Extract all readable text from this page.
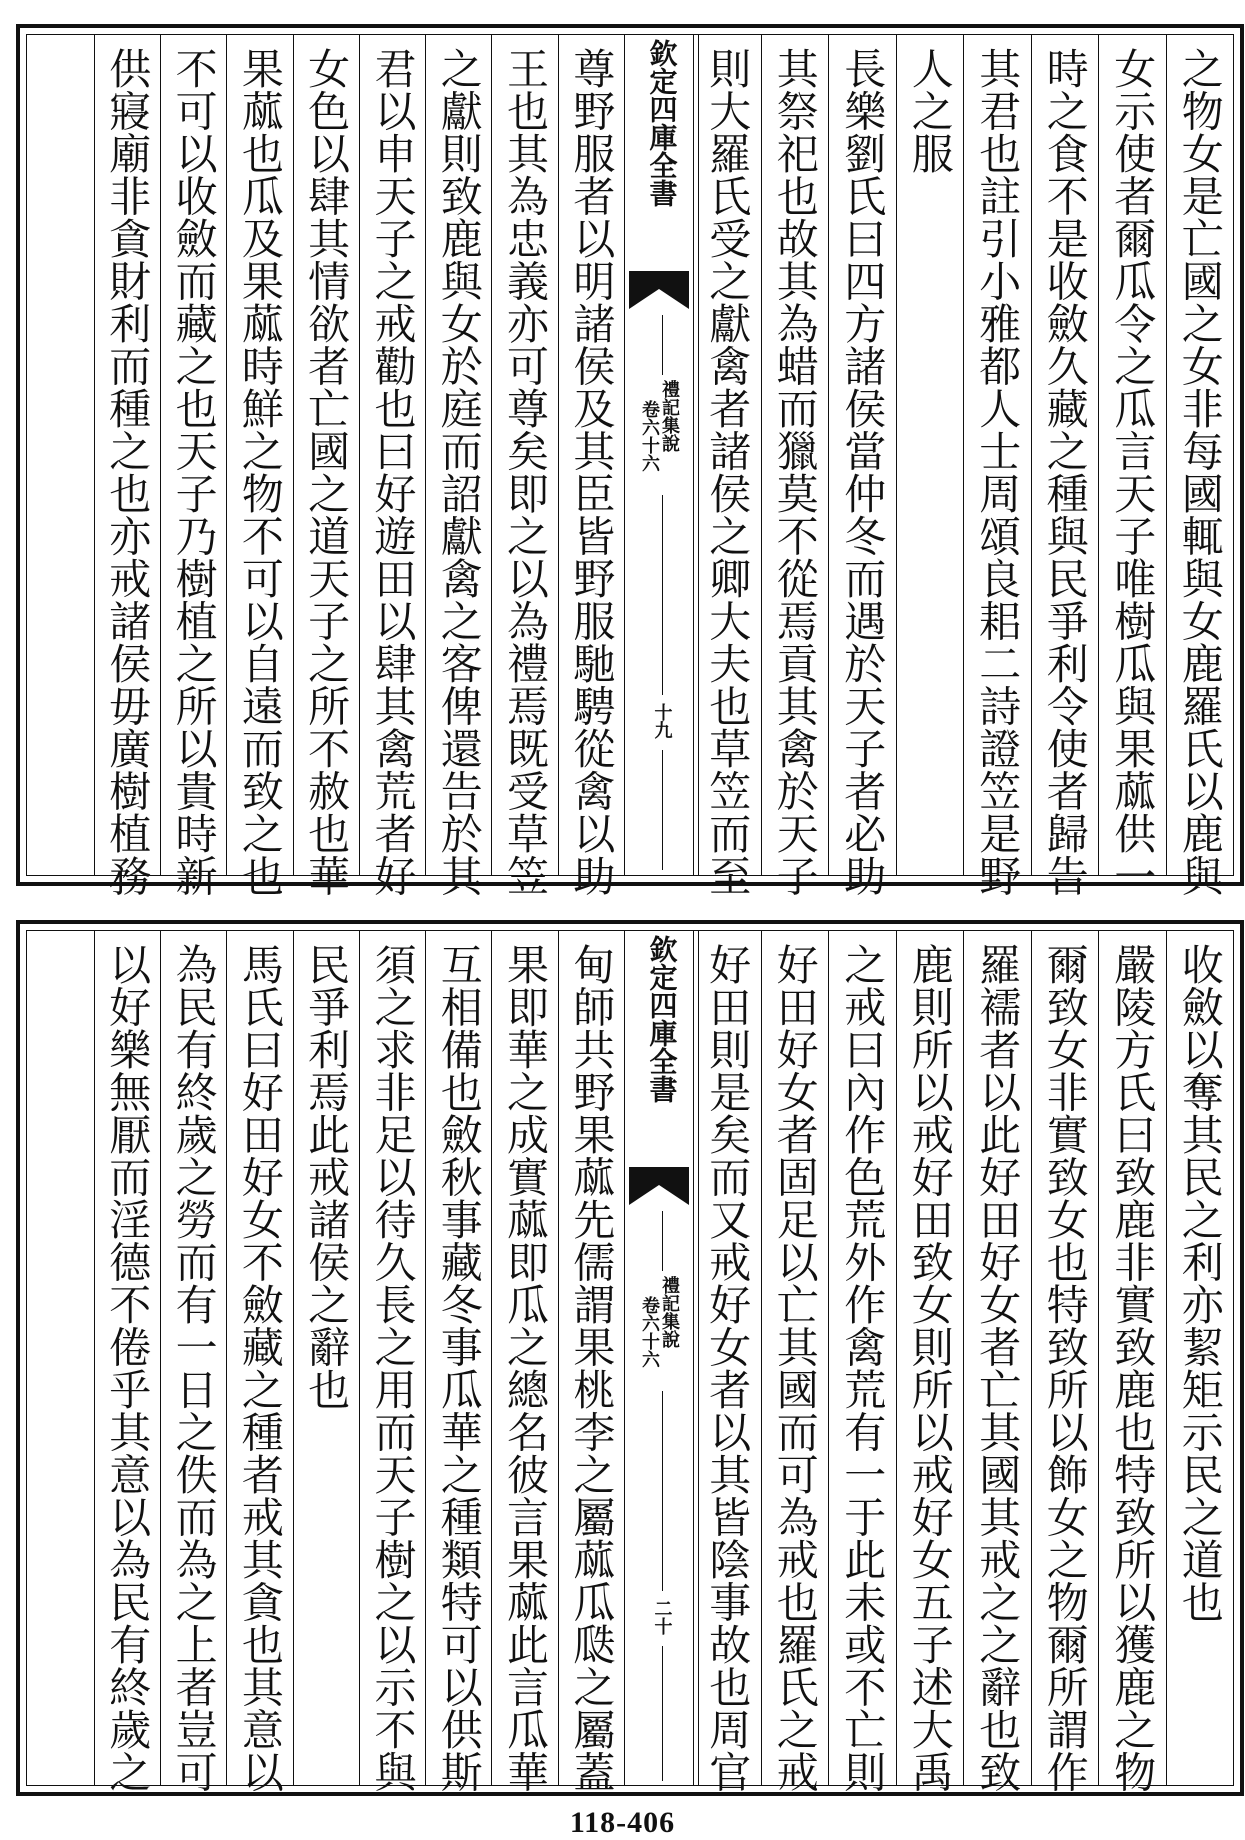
之物女是亡國之女非每國輒與女鹿羅氏以鹿與
女示使者爾瓜令之瓜言天子唯樹瓜與果蓏供一
時之食不是收斂久藏之種與民爭利令使者歸告
其君也註引小雅都人士周頌良耜二詩證笠是野
人之服
長樂劉氏曰四方諸侯當仲冬而遇於天子者必助
其祭祀也故其為蜡而獵莫不從焉貢其禽於天子
則大羅氏受之獻禽者諸侯之卿大夫也草笠而至
欽定四庫全書
禮記集說
卷六十六
十九
尊野服者以明諸侯及其臣皆野服馳騁從禽以助
王也其為忠義亦可尊矣即之以為禮焉既受草笠
之獻則致鹿與女於庭而詔獻禽之客俾還告於其
君以申天子之戒勸也曰好遊田以肆其禽荒者好
女色以肆其情欲者亡國之道天子之所不赦也華
果蓏也瓜及果蓏時鮮之物不可以自遠而致之也
不可以收斂而藏之也天子乃樹植之所以貴時新
供寢廟非貪財利而種之也亦戒諸侯毋廣樹植務
收斂以奪其民之利亦絜矩示民之道也
嚴陵方氏曰致鹿非實致鹿也特致所以獲鹿之物
爾致女非實致女也特致所以飾女之物爾所謂作
羅襦者以此好田好女者亡其國其戒之之辭也致
鹿則所以戒好田致女則所以戒好女五子述大禹
之戒曰內作色荒外作禽荒有一于此未或不亡則
好田好女者固足以亡其國而可為戒也羅氏之戒
好田則是矣而又戒好女者以其皆陰事故也周官
欽定四庫全書
禮記集說
卷六十六
二十
甸師共野果蓏先儒謂果桃李之屬蓏瓜瓞之屬蓋
果即華之成實蓏即瓜之總名彼言果蓏此言瓜華
互相備也斂秋事藏冬事瓜華之種類特可以供斯
須之求非足以待久長之用而天子樹之以示不與
民爭利焉此戒諸侯之辭也
馬氏曰好田好女不斂藏之種者戒其貪也其意以
為民有終歲之勞而有一日之佚而為之上者豈可
以好樂無厭而淫德不倦乎其意以為民有終歲之
118-406
